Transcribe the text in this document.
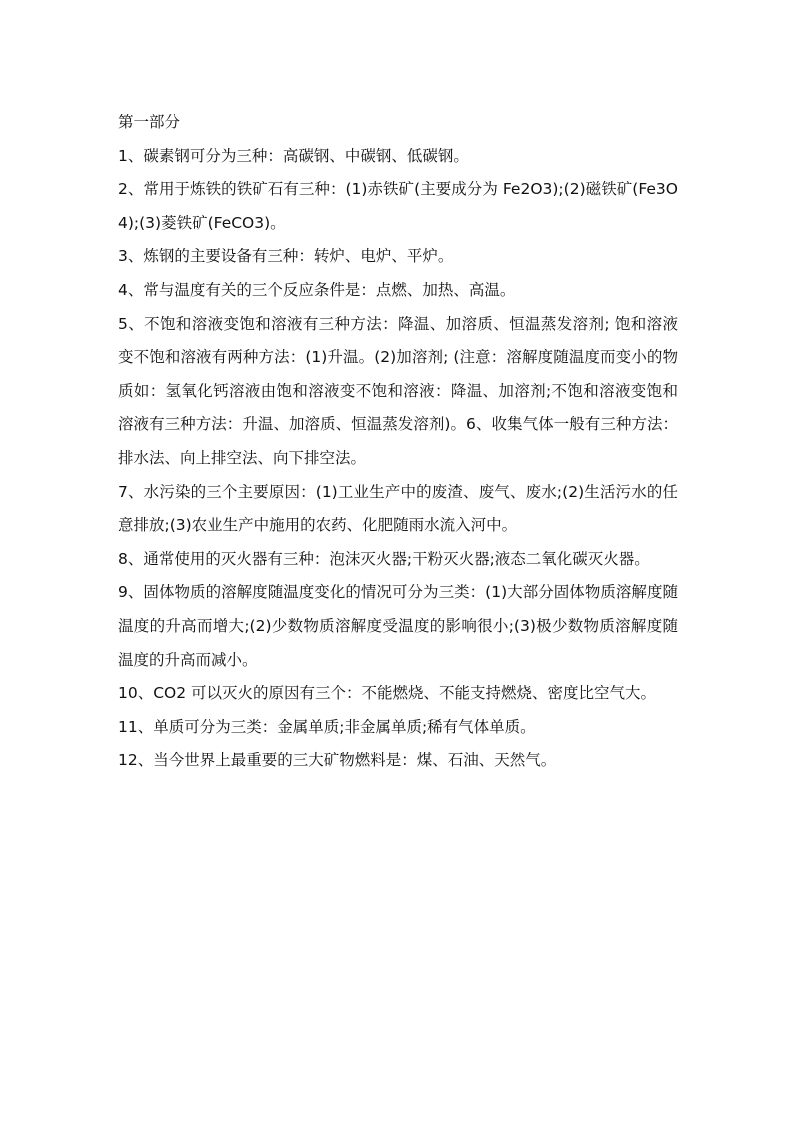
第一部分

1、碳素钢可分为三种：高碳钢、中碳钢、低碳钢。

2、常用于炼铁的铁矿石有三种：(1)赤铁矿(主要成分为 Fe2O3);(2)磁铁矿(Fe3O4);(3)菱铁矿(FeCO3)。

3、炼钢的主要设备有三种：转炉、电炉、平炉。

4、常与温度有关的三个反应条件是：点燃、加热、高温。

5、不饱和溶液变饱和溶液有三种方法：降温、加溶质、恒温蒸发溶剂; 饱和溶液变不饱和溶液有两种方法：(1)升温。(2)加溶剂; (注意：溶解度随温度而变小的物质如：氢氧化钙溶液由饱和溶液变不饱和溶液：降温、加溶剂;不饱和溶液变饱和溶液有三种方法：升温、加溶质、恒温蒸发溶剂)。6、收集气体一般有三种方法：排水法、向上排空法、向下排空法。

7、水污染的三个主要原因：(1)工业生产中的废渣、废气、废水;(2)生活污水的任意排放;(3)农业生产中施用的农药、化肥随雨水流入河中。

8、通常使用的灭火器有三种：泡沫灭火器;干粉灭火器;液态二氧化碳灭火器。

9、固体物质的溶解度随温度变化的情况可分为三类：(1)大部分固体物质溶解度随温度的升高而增大;(2)少数物质溶解度受温度的影响很小;(3)极少数物质溶解度随温度的升高而减小。

10、CO2 可以灭火的原因有三个：不能燃烧、不能支持燃烧、密度比空气大。

11、单质可分为三类：金属单质;非金属单质;稀有气体单质。

12、当今世界上最重要的三大矿物燃料是：煤、石油、天然气。
